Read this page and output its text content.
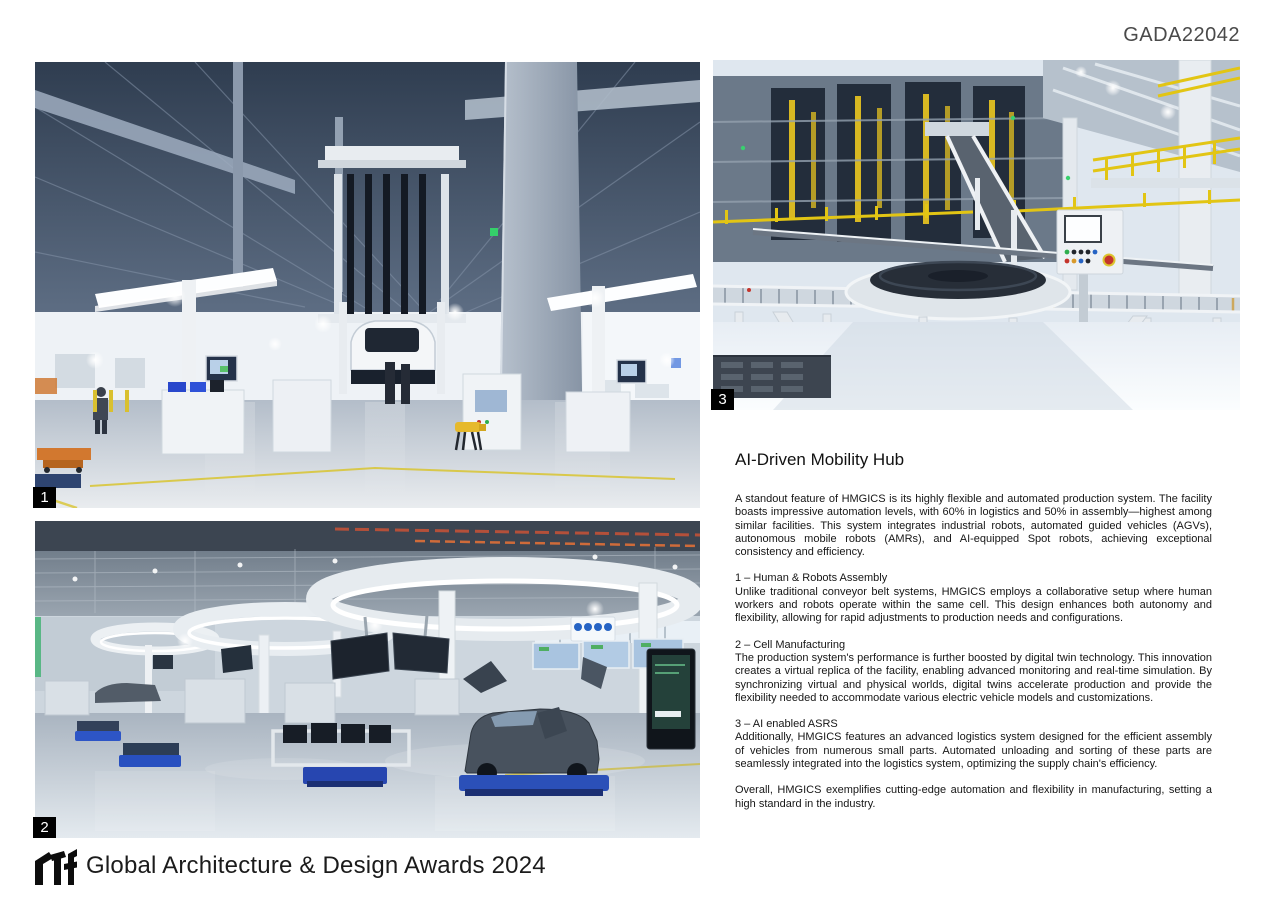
GADA22042
1
2
3
AI-Driven Mobility Hub

A standout feature of HMGICS is its highly flexible and automated production system. The facility boasts impressive automation levels, with 60% in logistics and 50% in assembly—highest among similar facilities. This system integrates industrial robots, automated guided vehicles (AGVs), autonomous mobile robots (AMRs), and AI-equipped Spot robots, achieving exceptional consistency and efficiency.

1 – Human & Robots Assembly

Unlike traditional conveyor belt systems, HMGICS employs a collaborative setup where human workers and robots operate within the same cell. This design enhances both autonomy and flexibility, allowing for rapid adjustments to production needs and configurations.

2 – Cell Manufacturing

The production system's performance is further boosted by digital twin technology. This innovation creates a virtual replica of the facility, enabling advanced monitoring and real-time simulation. By synchronizing virtual and physical worlds, digital twins accelerate production and provide the flexibility needed to accommodate various electric vehicle models and customizations.

3 – AI enabled ASRS

Additionally, HMGICS features an advanced logistics system designed for the efficient assembly of vehicles from numerous small parts. Automated unloading and sorting of these parts are seamlessly integrated into the logistics system, optimizing the supply chain's efficiency.

Overall, HMGICS exemplifies cutting-edge automation and flexibility in manufacturing, setting a high standard in the industry.

Global Architecture & Design Awards 2024
